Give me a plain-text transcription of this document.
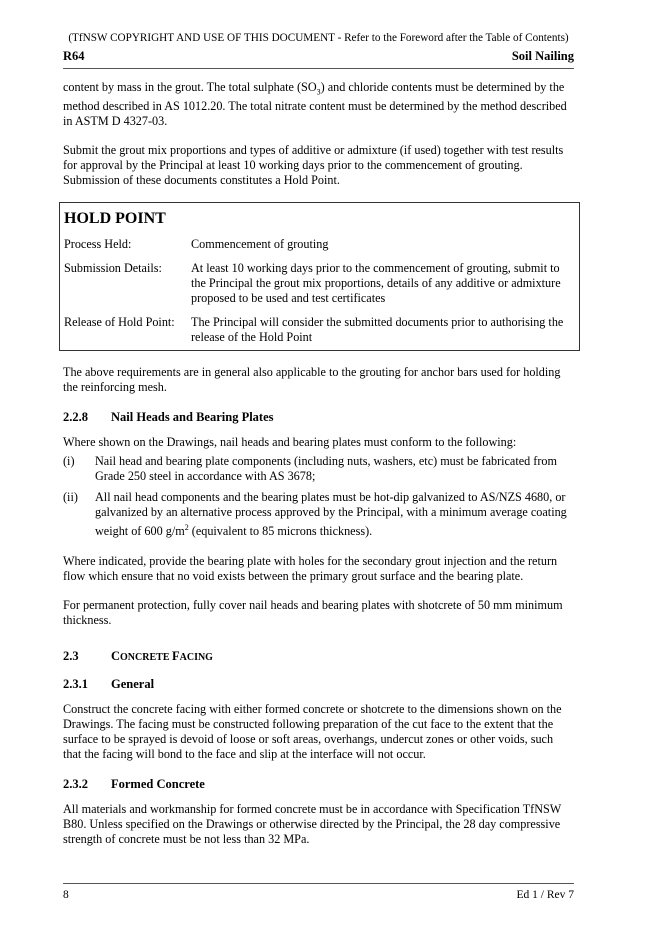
(TfNSW COPYRIGHT AND USE OF THIS DOCUMENT - Refer to the Foreword after the Table of Contents)
R64	Soil Nailing

content by mass in the grout. The total sulphate $(SO_3)$ and chloride contents must be determined by the method described in AS 1012.20. The total nitrate content must be determined by the method described in ASTM D 4327-03.

Submit the grout mix proportions and types of additive or admixture (if used) together with test results for approval by the Principal at least 10 working days prior to the commencement of grouting. Submission of these documents constitutes a Hold Point.

HOLD POINT
Process Held:	Commencement of grouting
Submission Details:	At least 10 working days prior to the commencement of grouting, submit to the Principal the grout mix proportions, details of any additive or admixture proposed to be used and test certificates
Release of Hold Point:	The Principal will consider the submitted documents prior to authorising the release of the Hold Point

The above requirements are in general also applicable to the grouting for anchor bars used for holding the reinforcing mesh.

2.2.8 Nail Heads and Bearing Plates

Where shown on the Drawings, nail heads and bearing plates must conform to the following:

(i)	Nail head and bearing plate components (including nuts, washers, etc) must be fabricated from Grade 250 steel in accordance with AS 3678;
(ii)	All nail head components and the bearing plates must be hot-dip galvanized to AS/NZS 4680, or galvanized by an alternative process approved by the Principal, with a minimum average coating weight of 600 $g/m^2$ (equivalent to 85 microns thickness).

Where indicated, provide the bearing plate with holes for the secondary grout injection and the return flow which ensure that no void exists between the primary grout surface and the bearing plate.

For permanent protection, fully cover nail heads and bearing plates with shotcrete of 50 mm minimum thickness.

2.3	CONCRETE FACING
2.3.1 General

Construct the concrete facing with either formed concrete or shotcrete to the dimensions shown on the Drawings. The facing must be constructed following preparation of the cut face to the extent that the surface to be sprayed is devoid of loose or soft areas, overhangs, undercut zones or other voids, such that the facing will bond to the face and slip at the interface will not occur.

2.3.2 Formed Concrete

All materials and workmanship for formed concrete must be in accordance with Specification TfNSW B80. Unless specified on the Drawings or otherwise directed by the Principal, the 28 day compressive strength of concrete must be not less than 32 MPa.

8	Ed 1 / Rev 7
